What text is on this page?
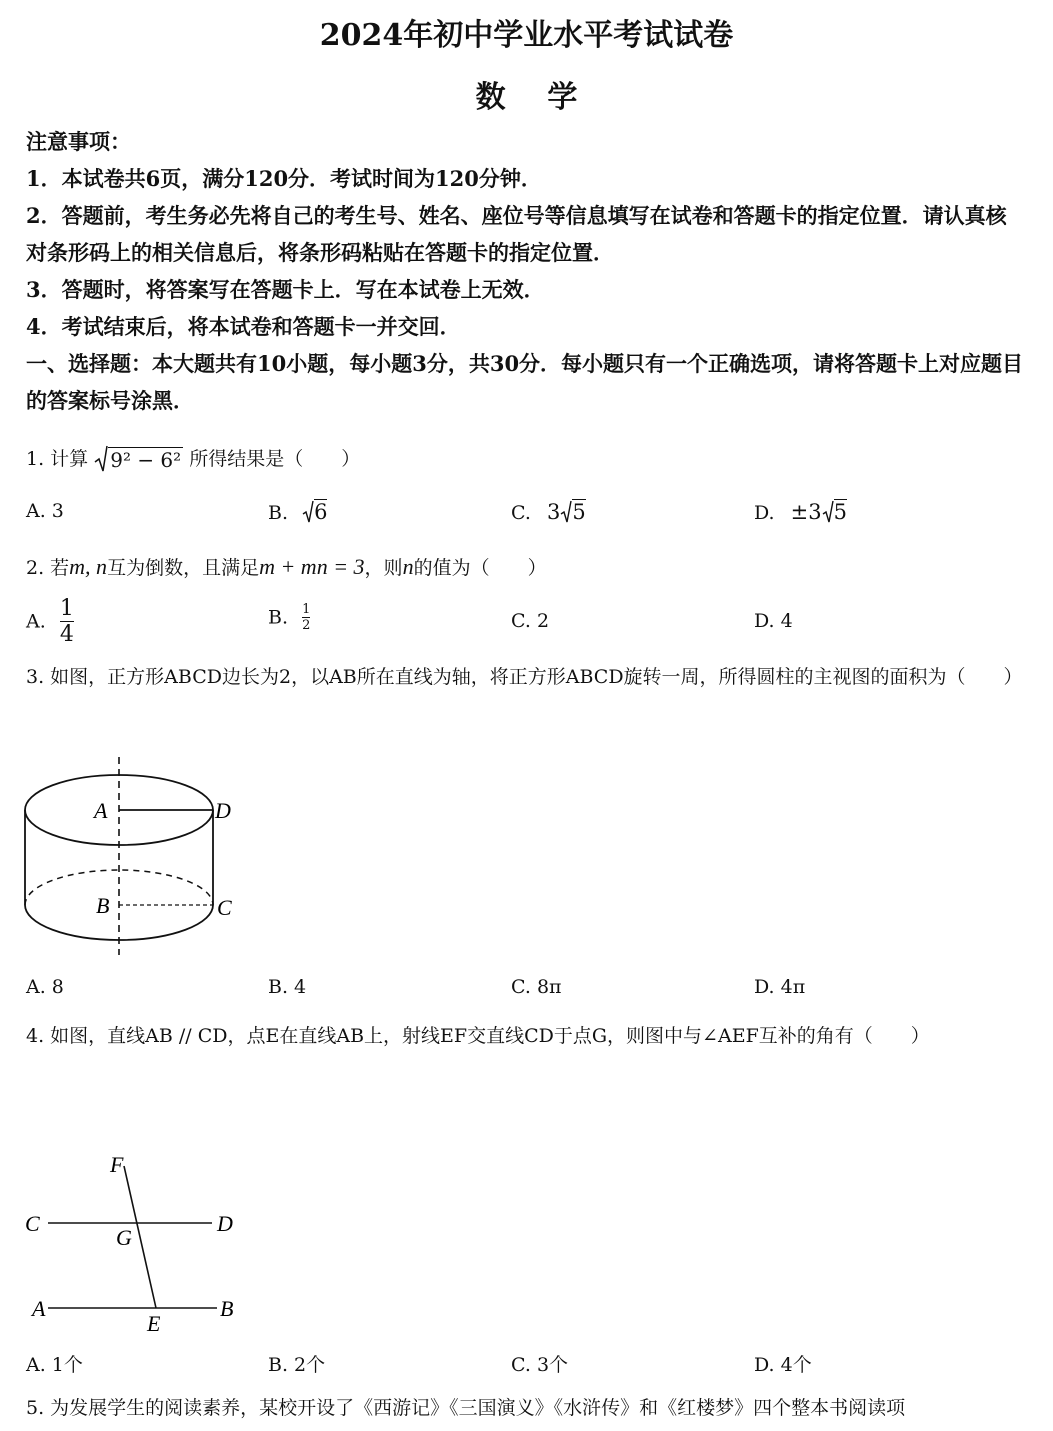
2024年初中学业水平考试试卷
数    学
注意事项：
1．本试卷共6页，满分120分．考试时间为120分钟．
2．答题前，考生务必先将自己的考生号、姓名、座位号等信息填写在试卷和答题卡的指定位置．请认真核对条形码上的相关信息后，将条形码粘贴在答题卡的指定位置．
3．答题时，将答案写在答题卡上．写在本试卷上无效．
4．考试结束后，将本试卷和答题卡一并交回．
一、选择题：本大题共有10小题，每小题3分，共30分．每小题只有一个正确选项，请将答题卡上对应题目的答案标号涂黑．
1. 计算 9² − 6² 所得结果是（　　）
A. 3	B. 6	C. 3 5	D. ±3 5
2. 若m, n互为倒数，且满足m + mn = 3，则n的值为（　　）
A. $\frac{1}{4}$	B. $\frac{1}{2}$	C. 2	D. 4
3. 如图，正方形ABCD边长为2，以AB所在直线为轴，将正方形ABCD旋转一周，所得圆柱的主视图的面积为（　　）
A	D
B	C
A. 8	B. 4	C. 8π	D. 4π
4. 如图，直线AB // CD，点E在直线AB上，射线EF交直线CD于点G，则图中与∠AEF互补的角有（　　）
F
C	D
G
A	B
E
A. 1个	B. 2个	C. 3个	D. 4个
5. 为发展学生的阅读素养，某校开设了《西游记》《三国演义》《水浒传》和《红楼梦》四个整本书阅读项
